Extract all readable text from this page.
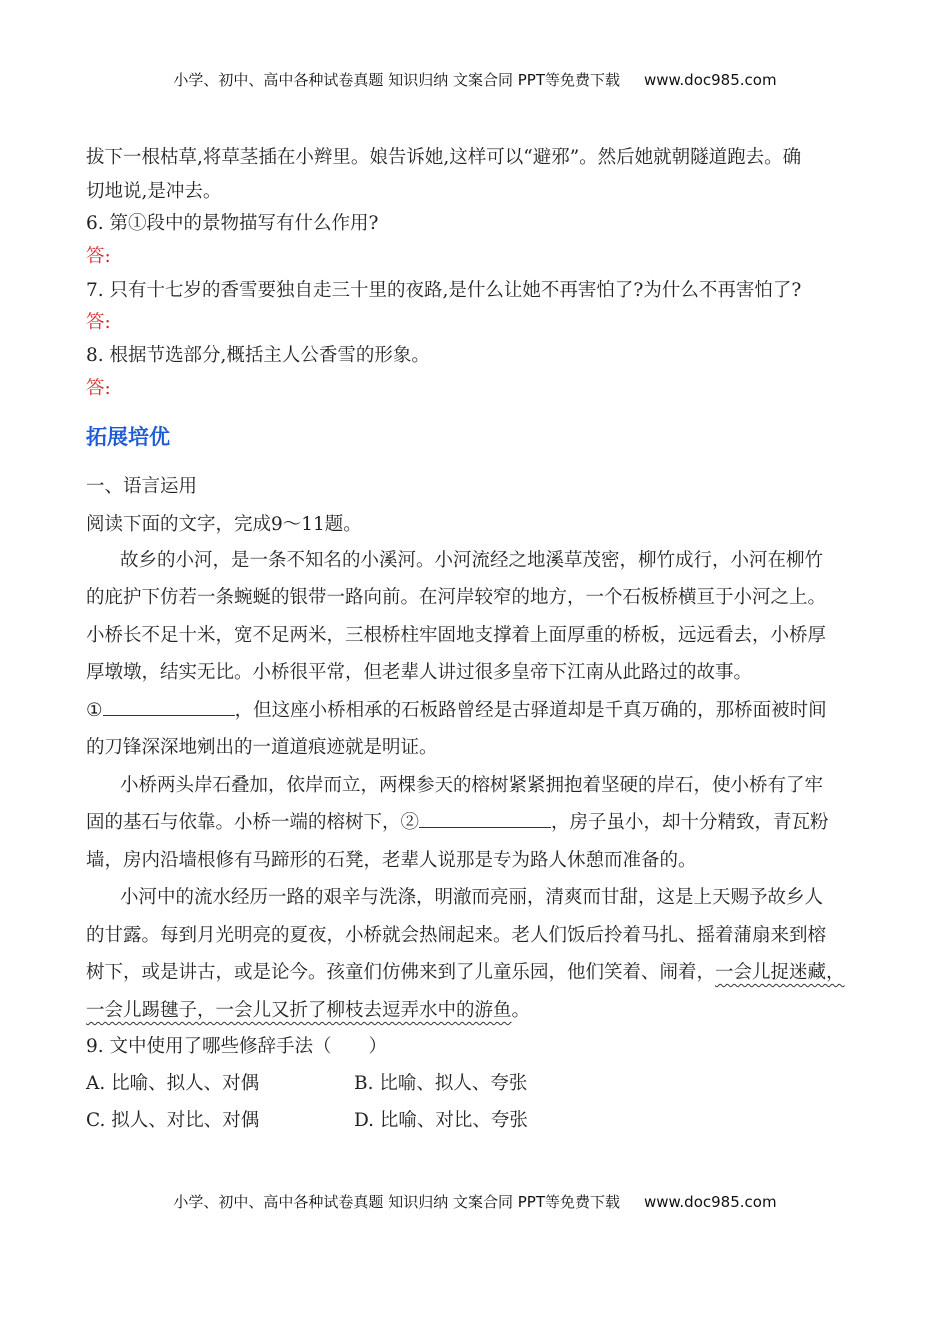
小学、初中、高中各种试卷真题 知识归纳 文案合同 PPT等免费下载 www.doc985.com
拔下一根枯草,将草茎插在小辫里。娘告诉她,这样可以“避邪”。然后她就朝隧道跑去。确
切地说,是冲去。
6. 第①段中的景物描写有什么作用?
答:
7. 只有十七岁的香雪要独自走三十里的夜路,是什么让她不再害怕了?为什么不再害怕了?
答:
8. 根据节选部分,概括主人公香雪的形象。
答:
拓展培优
一、语言运用
阅读下面的文字，完成9～11题。
故乡的小河，是一条不知名的小溪河。小河流经之地溪草茂密，柳竹成行，小河在柳竹
的庇护下仿若一条蜿蜒的银带一路向前。在河岸较窄的地方，一个石板桥横亘于小河之上。
小桥长不足十米，宽不足两米，三根桥柱牢固地支撑着上面厚重的桥板，远远看去，小桥厚
厚墩墩，结实无比。小桥很平常，但老辈人讲过很多皇帝下江南从此路过的故事。
①	，但这座小桥相承的石板路曾经是古驿道却是千真万确的，那桥面被时间
的刀锋深深地剜出的一道道痕迹就是明证。
小桥两头岸石叠加，依岸而立，两棵参天的榕树紧紧拥抱着坚硬的岸石，使小桥有了牢
固的基石与依靠。小桥一端的榕树下，②	，房子虽小，却十分精致，青瓦粉
墙，房内沿墙根修有马蹄形的石凳，老辈人说那是专为路人休憩而准备的。
小河中的流水经历一路的艰辛与洗涤，明澈而亮丽，清爽而甘甜，这是上天赐予故乡人
的甘露。每到月光明亮的夏夜，小桥就会热闹起来。老人们饭后拎着马扎、摇着蒲扇来到榕
树下，或是讲古，或是论今。孩童们仿佛来到了儿童乐园，他们笑着、闹着，一会儿捉迷藏，
一会儿踢毽子，一会儿又折了柳枝去逗弄水中的游鱼。
9. 文中使用了哪些修辞手法（　　）
A. 比喻、拟人、对偶	B. 比喻、拟人、夸张
C. 拟人、对比、对偶	D. 比喻、对比、夸张
小学、初中、高中各种试卷真题 知识归纳 文案合同 PPT等免费下载 www.doc985.com
